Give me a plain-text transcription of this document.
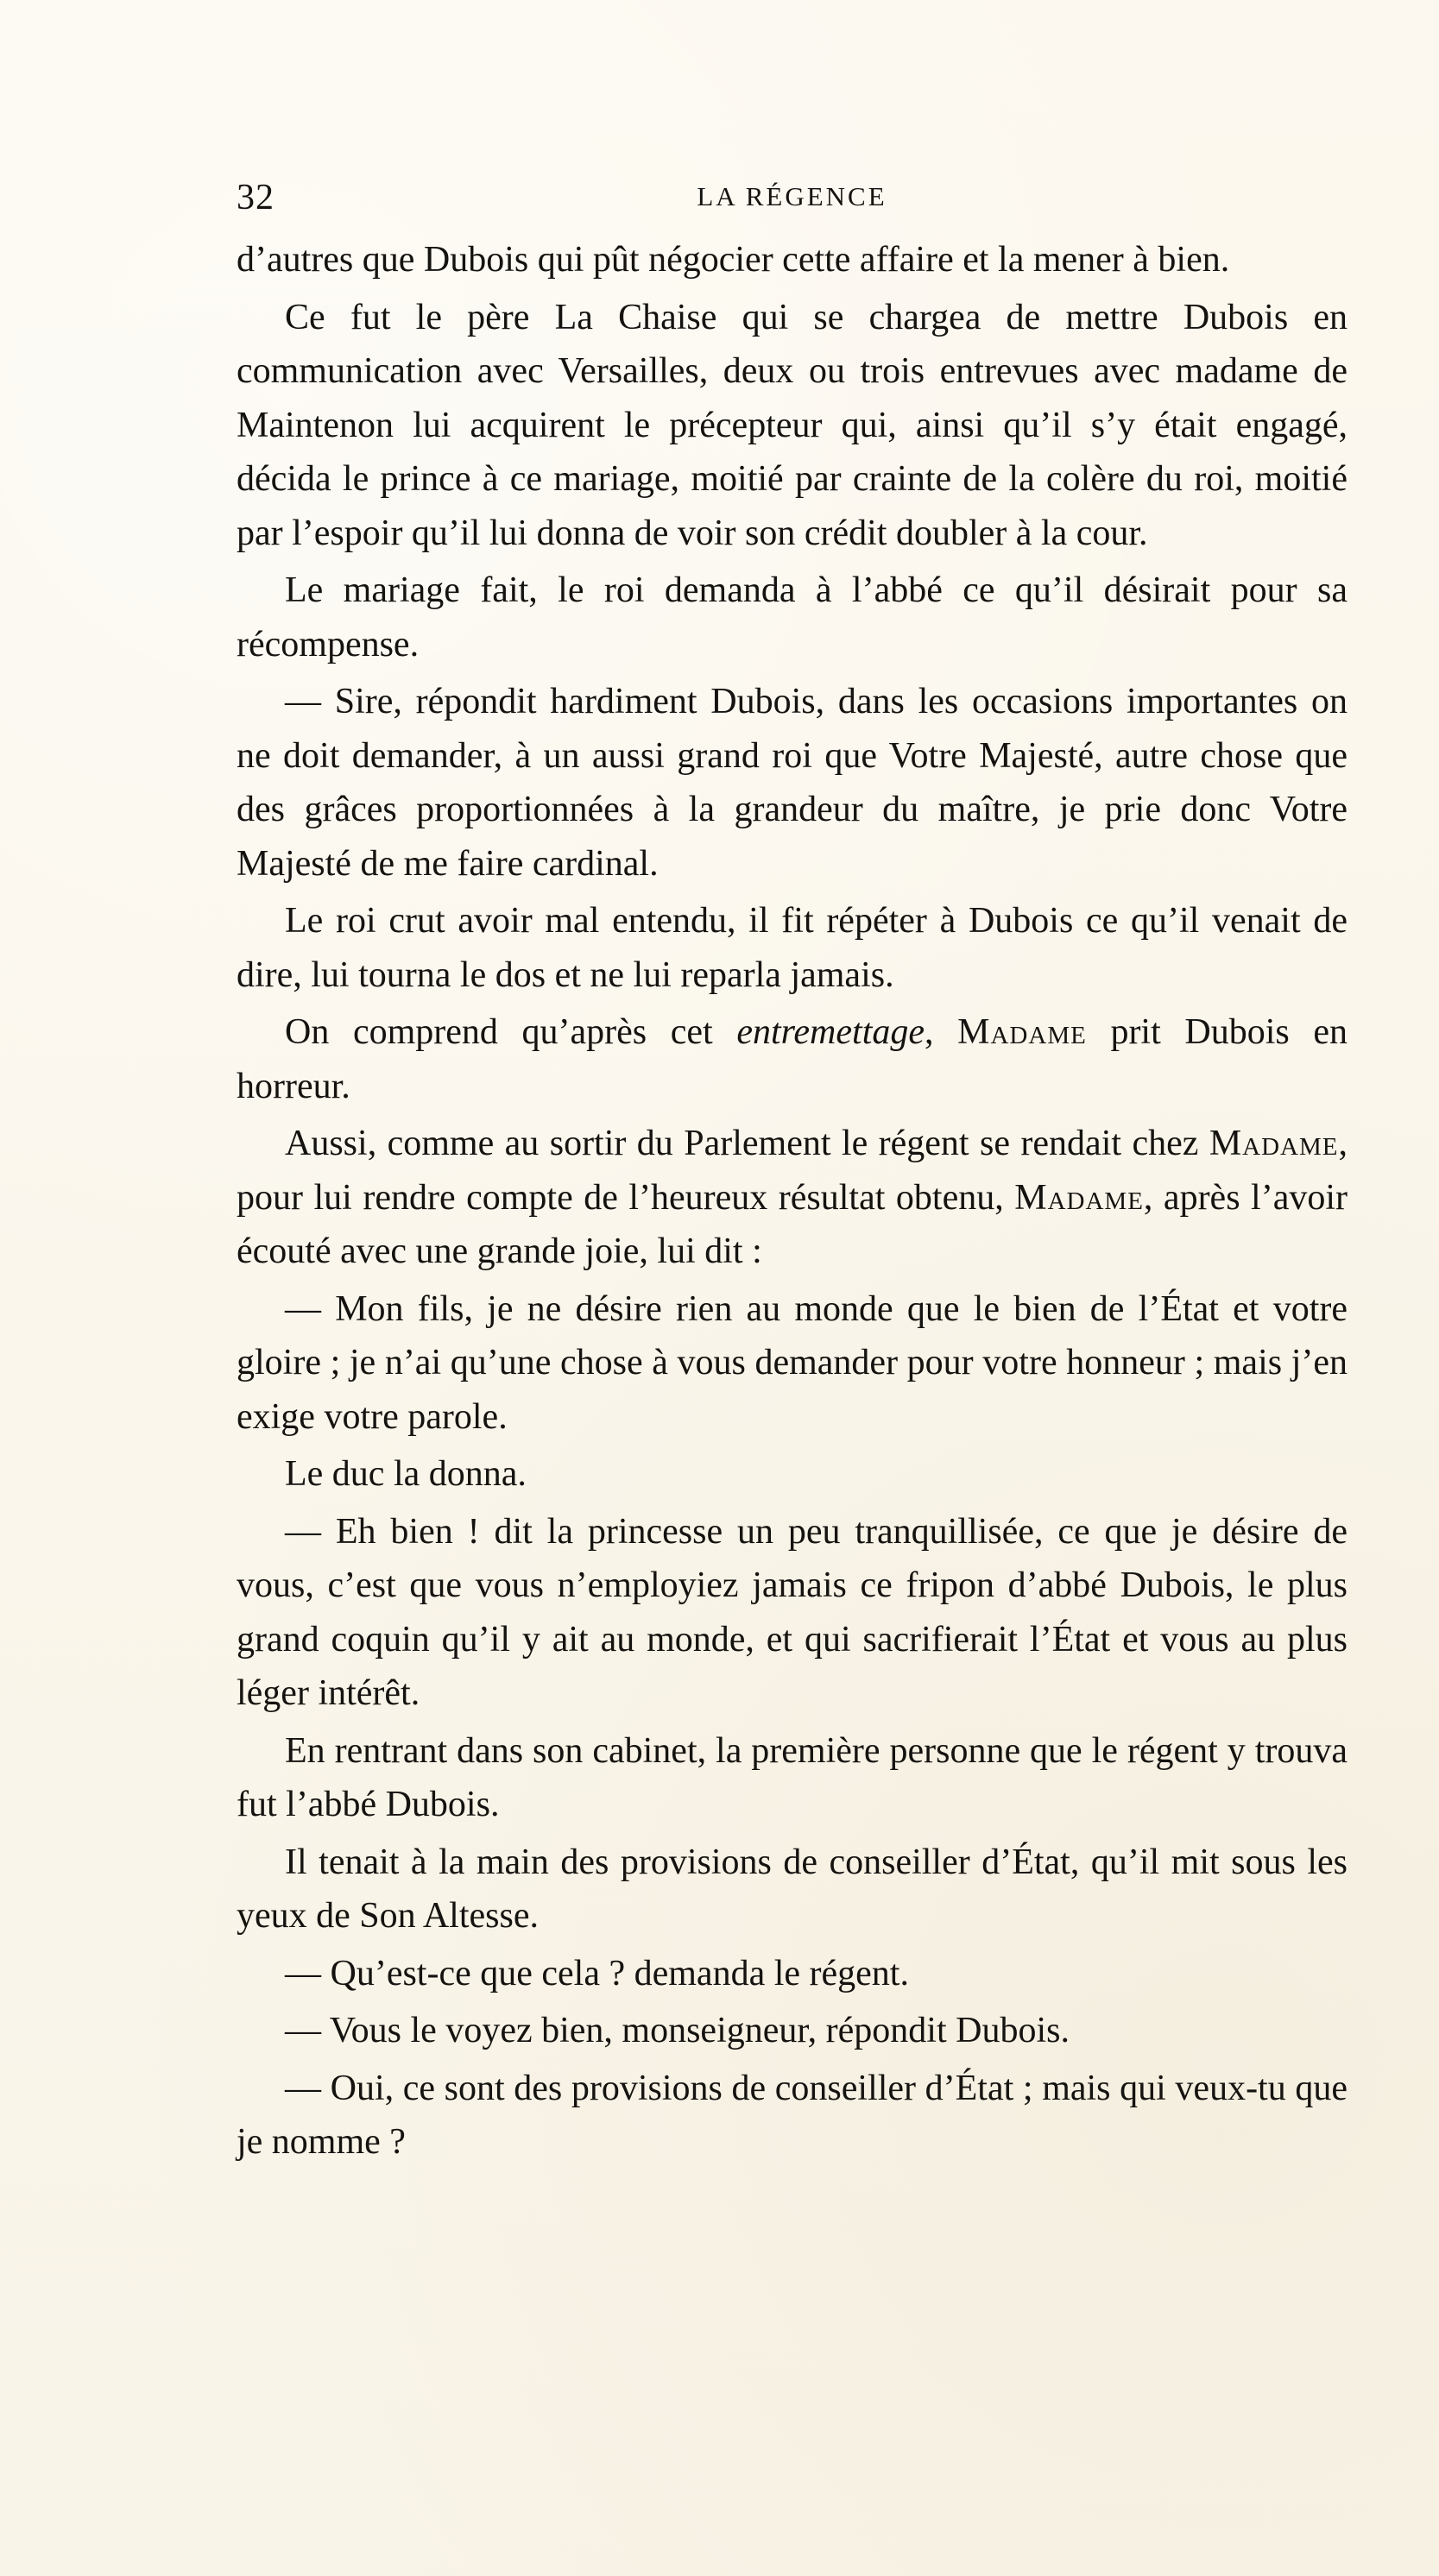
32	LA RÉGENCE

d’autres que Dubois qui pût négocier cette affaire et la mener à bien.

Ce fut le père La Chaise qui se chargea de mettre Dubois en communication avec Versailles, deux ou trois entrevues avec madame de Maintenon lui acquirent le précepteur qui, ainsi qu’il s’y était engagé, décida le prince à ce mariage, moitié par crainte de la colère du roi, moitié par l’espoir qu’il lui donna de voir son crédit doubler à la cour.

Le mariage fait, le roi demanda à l’abbé ce qu’il désirait pour sa récompense.

— Sire, répondit hardiment Dubois, dans les occasions importantes on ne doit demander, à un aussi grand roi que Votre Majesté, autre chose que des grâces proportionnées à la grandeur du maître, je prie donc Votre Majesté de me faire cardinal.

Le roi crut avoir mal entendu, il fit répéter à Dubois ce qu’il venait de dire, lui tourna le dos et ne lui reparla jamais.

On comprend qu’après cet entremettage, Madame prit Dubois en horreur.

Aussi, comme au sortir du Parlement le régent se rendait chez Madame, pour lui rendre compte de l’heureux résultat obtenu, Madame, après l’avoir écouté avec une grande joie, lui dit :

— Mon fils, je ne désire rien au monde que le bien de l’État et votre gloire ; je n’ai qu’une chose à vous demander pour votre honneur ; mais j’en exige votre parole.

Le duc la donna.

— Eh bien ! dit la princesse un peu tranquillisée, ce que je désire de vous, c’est que vous n’employiez jamais ce fripon d’abbé Dubois, le plus grand coquin qu’il y ait au monde, et qui sacrifierait l’État et vous au plus léger intérêt.

En rentrant dans son cabinet, la première personne que le régent y trouva fut l’abbé Dubois.

Il tenait à la main des provisions de conseiller d’État, qu’il mit sous les yeux de Son Altesse.

— Qu’est-ce que cela ? demanda le régent.

— Vous le voyez bien, monseigneur, répondit Dubois.

— Oui, ce sont des provisions de conseiller d’État ; mais qui veux-tu que je nomme ?
